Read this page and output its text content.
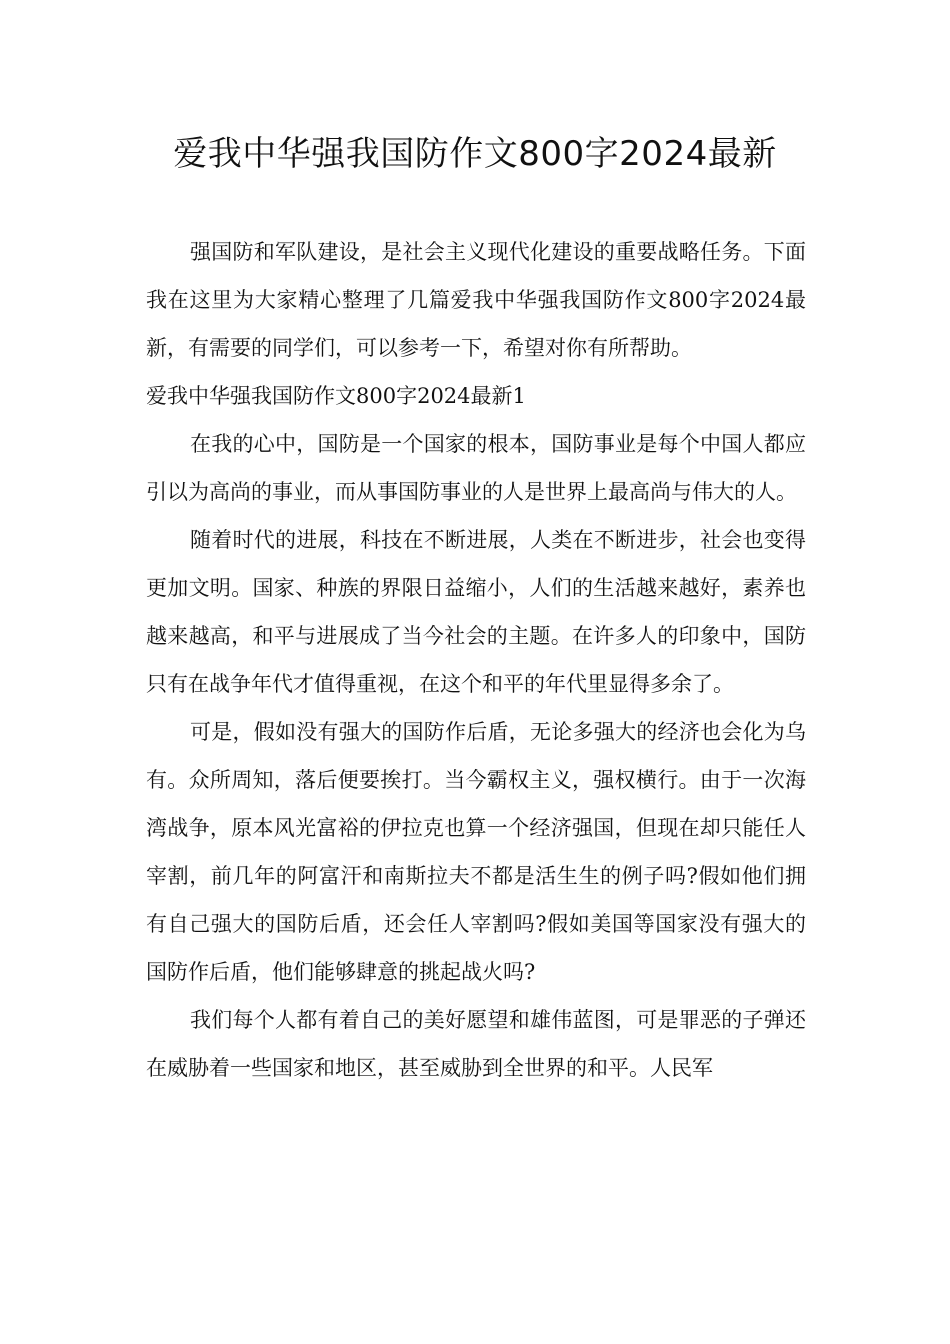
爱我中华强我国防作文800字2024最新

强国防和军队建设，是社会主义现代化建设的重要战略任务。下面我在这里为大家精心整理了几篇爱我中华强我国防作文800字2024最新，有需要的同学们，可以参考一下，希望对你有所帮助。

爱我中华强我国防作文800字2024最新1

在我的心中，国防是一个国家的根本，国防事业是每个中国人都应引以为高尚的事业，而从事国防事业的人是世界上最高尚与伟大的人。

随着时代的进展，科技在不断进展，人类在不断进步，社会也变得更加文明。国家、种族的界限日益缩小，人们的生活越来越好，素养也越来越高，和平与进展成了当今社会的主题。在许多人的印象中，国防只有在战争年代才值得重视，在这个和平的年代里显得多余了。

可是，假如没有强大的国防作后盾，无论多强大的经济也会化为乌有。众所周知，落后便要挨打。当今霸权主义，强权横行。由于一次海湾战争，原本风光富裕的伊拉克也算一个经济强国，但现在却只能任人宰割，前几年的阿富汗和南斯拉夫不都是活生生的例子吗?假如他们拥有自己强大的国防后盾，还会任人宰割吗?假如美国等国家没有强大的国防作后盾，他们能够肆意的挑起战火吗?

我们每个人都有着自己的美好愿望和雄伟蓝图，可是罪恶的子弹还在威胁着一些国家和地区，甚至威胁到全世界的和平。人民军
